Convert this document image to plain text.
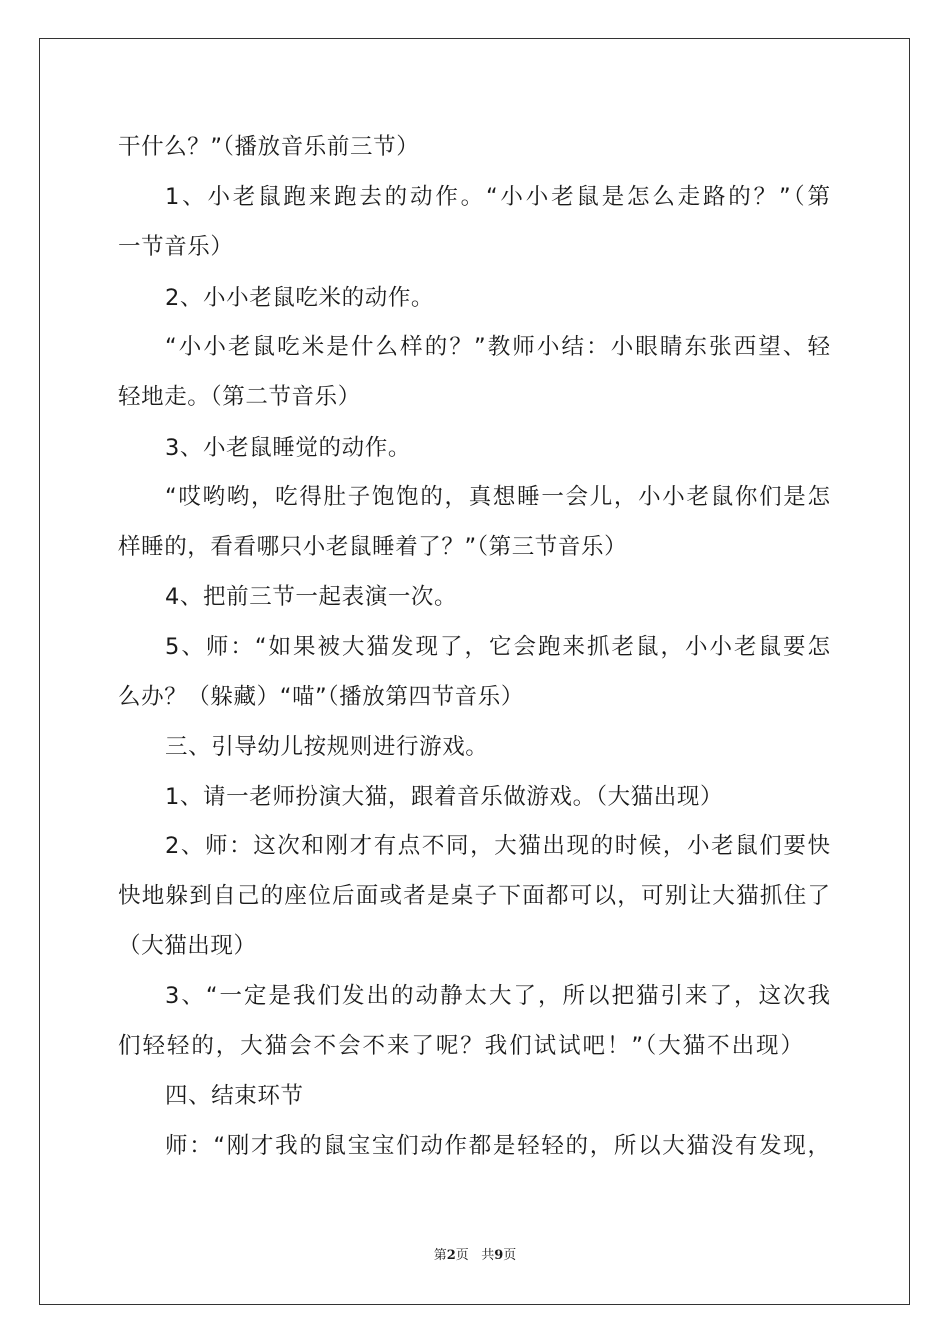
干什么？”（播放音乐前三节）
1、小老鼠跑来跑去的动作。“小小老鼠是怎么走路的？”（第
一节音乐）
2、小小老鼠吃米的动作。
“小小老鼠吃米是什么样的？”教师小结：小眼睛东张西望、轻
轻地走。（第二节音乐）
3、小老鼠睡觉的动作。
“哎哟哟，吃得肚子饱饱的，真想睡一会儿，小小老鼠你们是怎
样睡的，看看哪只小老鼠睡着了？”（第三节音乐）
4、把前三节一起表演一次。
5、师：“如果被大猫发现了，它会跑来抓老鼠，小小老鼠要怎
么办？（躲藏）“喵”（播放第四节音乐）
三、引导幼儿按规则进行游戏。
1、请一老师扮演大猫，跟着音乐做游戏。（大猫出现）
2、师：这次和刚才有点不同，大猫出现的时候，小老鼠们要快
快地躲到自己的座位后面或者是桌子下面都可以，可别让大猫抓住了
（大猫出现）
3、“一定是我们发出的动静太大了，所以把猫引来了，这次我
们轻轻的，大猫会不会不来了呢？我们试试吧！”（大猫不出现）
四、结束环节
师：“刚才我的鼠宝宝们动作都是轻轻的，所以大猫没有发现，
第2页 共9页
